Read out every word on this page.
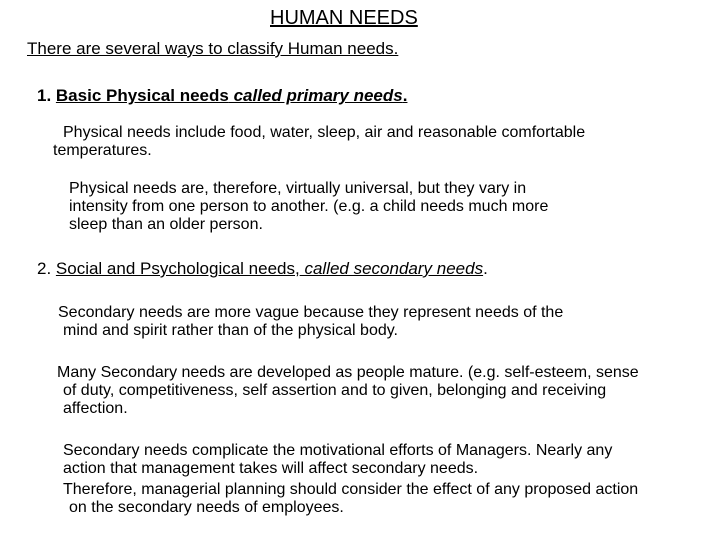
HUMAN NEEDS
There are several ways to classify Human needs.
1. Basic Physical needs called primary needs.
Physical needs include food, water, sleep, air and reasonable comfortable
temperatures.
Physical needs are, therefore, virtually universal, but they vary in
intensity from one person to another. (e.g. a child needs much more
sleep than an older person.
2. Social and Psychological needs, called secondary needs.
Secondary needs are more vague because they represent needs of the
mind and spirit rather than of the physical body.
Many Secondary needs are developed as people mature. (e.g. self-esteem, sense
of duty, competitiveness, self assertion and to given, belonging and receiving
affection.
Secondary needs complicate the motivational efforts of Managers. Nearly any
action that management takes will affect secondary needs.
Therefore, managerial planning should consider the effect of any proposed action
on the secondary needs of employees.
